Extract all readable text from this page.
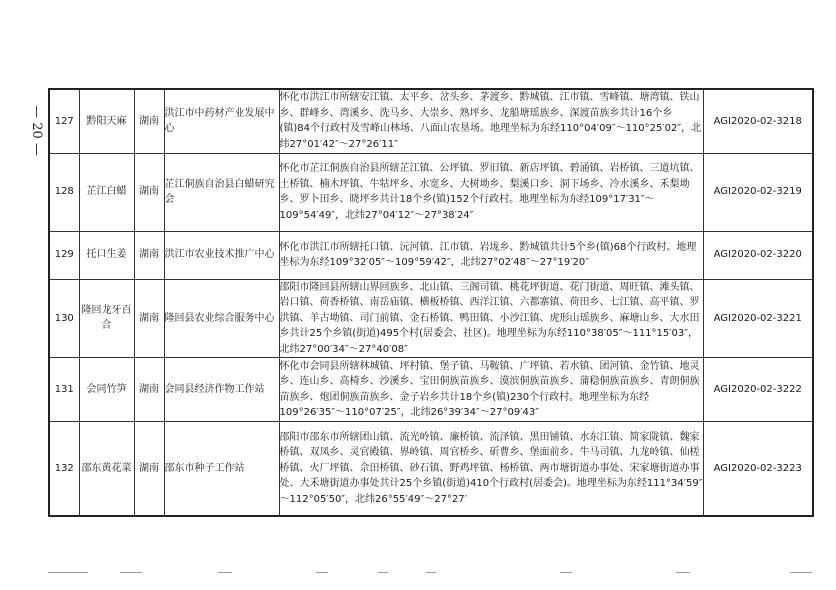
— 20 — 127	黔阳天麻	湖南	洪江市中药材产业发展中心	怀化市洪江市所辖安江镇、太平乡、岔头乡、茅渡乡、黔城镇、江市镇、雪峰镇、塘湾镇、铁山乡、群峰乡、湾溪乡、洗马乡、大崇乡、熟坪乡、龙船塘瑶族乡、深渡苗族乡共计16个乡(镇)84个行政村及雪峰山林场、八面山农垦场。地理坐标为东经110°04′09″～110°25′02″，北纬27°01′42″～27°26′11″	AGI2020-02-3218
128	芷江白蜡	湖南	芷江侗族自治县白蜡研究会	怀化市芷江侗族自治县所辖芷江镇、公坪镇、罗旧镇、新店坪镇、碧涌镇、岩桥镇、三道坑镇、土桥镇、楠木坪镇、牛牯坪乡、水宽乡、大树坳乡、梨溪口乡、洞下场乡、冷水溪乡、禾梨坳乡、罗卜田乡、晓坪乡共计18个乡(镇)152个行政村。地理坐标为东经109°17′31″～109°54′49″，北纬27°04′12″～27°38′24″	AGI2020-02-3219
129	托口生姜	湖南	洪江市农业技术推广中心	怀化市洪江市所辖托口镇、沅河镇、江市镇、岩垅乡、黔城镇共计5个乡(镇)68个行政村。地理坐标为东经109°32′05″～109°59′42″，北纬27°02′48″～27°19′20″	AGI2020-02-3220
130	隆回龙牙百合	湖南	隆回县农业综合服务中心	邵阳市隆回县所辖山界回族乡、北山镇、三阁司镇、桃花坪街道、花门街道、周旺镇、滩头镇、岩口镇、荷香桥镇、南岳庙镇、横板桥镇、西洋江镇、六都寨镇、荷田乡、七江镇、高平镇、罗洪镇、羊古坳镇、司门前镇、金石桥镇、鸭田镇、小沙江镇、虎形山瑶族乡、麻塘山乡、大水田乡共计25个乡镇(街道)495个村(居委会、社区)。地理坐标为东经110°38′05″～111°15′03″，北纬27°00′34″～27°40′08″	AGI2020-02-3221
131	会同竹笋	湖南	会同县经济作物工作站	怀化市会同县所辖林城镇、坪村镇、堡子镇、马鞍镇、广坪镇、若水镇、团河镇、金竹镇、地灵乡、连山乡、高椅乡、沙溪乡、宝田侗族苗族乡、漠滨侗族苗族乡、蒲稳侗族苗族乡、青朗侗族苗族乡、炮团侗族苗族乡、金子岩乡共计18个乡(镇)230个行政村。地理坐标为东经109°26′35″～110°07′25″，北纬26°39′34″～27°09′43″	AGI2020-02-3222
132	邵东黄花菜	湖南	邵东市种子工作站	邵阳市邵东市所辖团山镇、流光岭镇、廉桥镇、流泽镇、黑田铺镇、水东江镇、简家陇镇、魏家桥镇、双凤乡、灵官殿镇、界岭镇、周官桥乡、斫曹乡、堡面前乡、牛马司镇、九龙岭镇、仙槎桥镇、火厂坪镇、佘田桥镇、砂石镇、野鸡坪镇、杨桥镇、两市塘街道办事处、宋家塘街道办事处、大禾塘街道办事处共计25个乡镇(街道)410个行政村(居委会)。地理坐标为东经111°34′59″～112°05′50″，北纬26°55′49″～27°27′	AGI2020-02-3223
